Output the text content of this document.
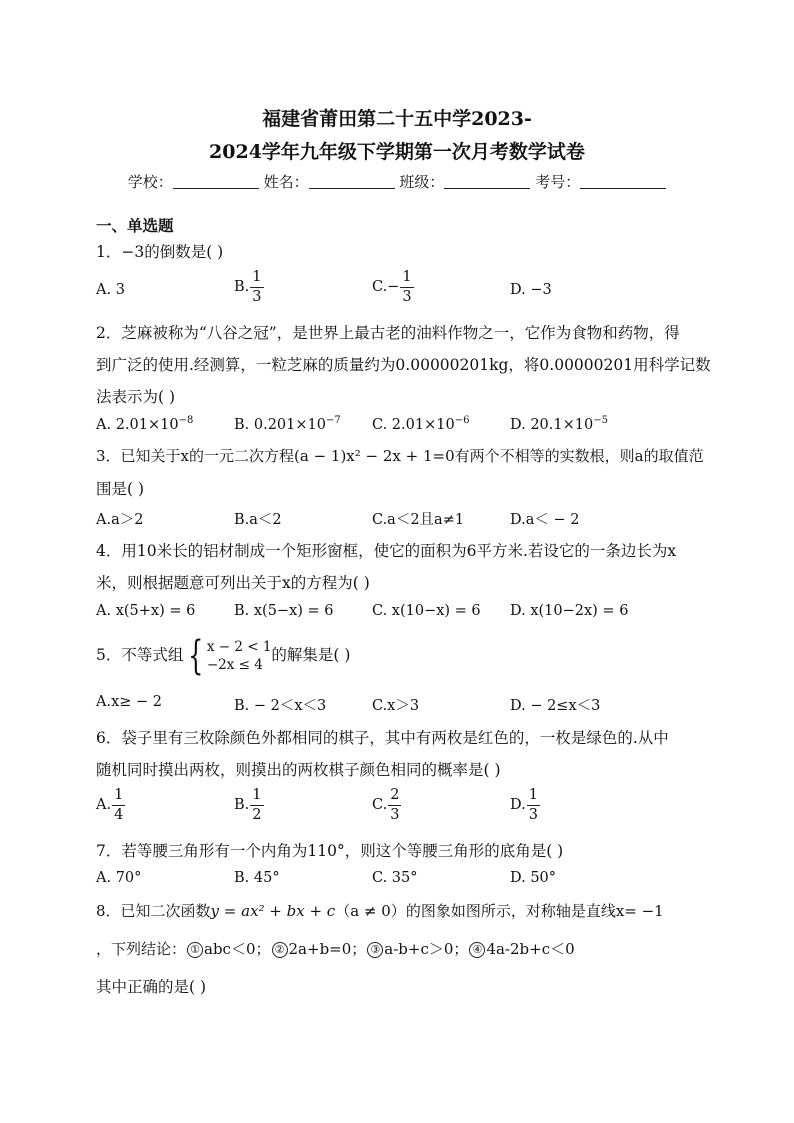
福建省莆田第二十五中学2023-
2024学年九年级下学期第一次月考数学试卷
学校：	姓名：	班级：	考号：
一、单选题
1．−3的倒数是( )
A. 3	B. $\frac{1}{3}$	$C.- \frac{1}{3}$	D. −3
2．芝麻被称为“八谷之冠”，是世界上最古老的油料作物之一，它作为食物和药物，得
到广泛的使用.经测算，一粒芝麻的质量约为0.00000201kg，将0.00000201用科学记数
法表示为( )
A. $2.01\times 10^{-8}$	B. $0.201\times 10^{-7}$ C. $2.01\times 10^{-6}$	D. $20.1\times 10^{-5}$
3．已知关于x的一元二次方程(a − 1)x² − 2x + 1=0有两个不相等的实数根，则a的取值范
围是( )
A.a＞2	B.a＜2	C.a＜2且a≠1	D.a＜ − 2
4．用10米长的铝材制成一个矩形窗框，使它的面积为6平方米.若设它的一条边长为x
米，则根据题意可列出关于x的方程为( )
A. x(5+x) = 6	B. x(5−x) = 6	C. x(10−x) = 6 D. x(10−2x) = 6
5．不等式组 { x − 2 < 1
−2x ≤ 4
的解集是( )
A.x≥ − 2	B. − 2＜x＜3	C.x＞3	D. − 2≤x＜3
6．袋子里有三枚除颜色外都相同的棋子，其中有两枚是红色的，一枚是绿色的.从中
随机同时摸出两枚，则摸出的两枚棋子颜色相同的概率是( )
A. $\frac{1}{4}$	B. $\frac{1}{2}$	C. $\frac{2}{3}$	D. $\frac{1}{3}$
7．若等腰三角形有一个内角为110°，则这个等腰三角形的底角是( )
A. 70°	B. 45°	C. 35°	D. 50°
8．已知二次函数y = ax² + bx + c（a ≠ 0）的图象如图所示，对称轴是直线x= −1
，下列结论： ① abc＜0； ② 2a+b=0； ③ a-b+c＞0； ④ 4a-2b+c＜0
其中正确的是( )
